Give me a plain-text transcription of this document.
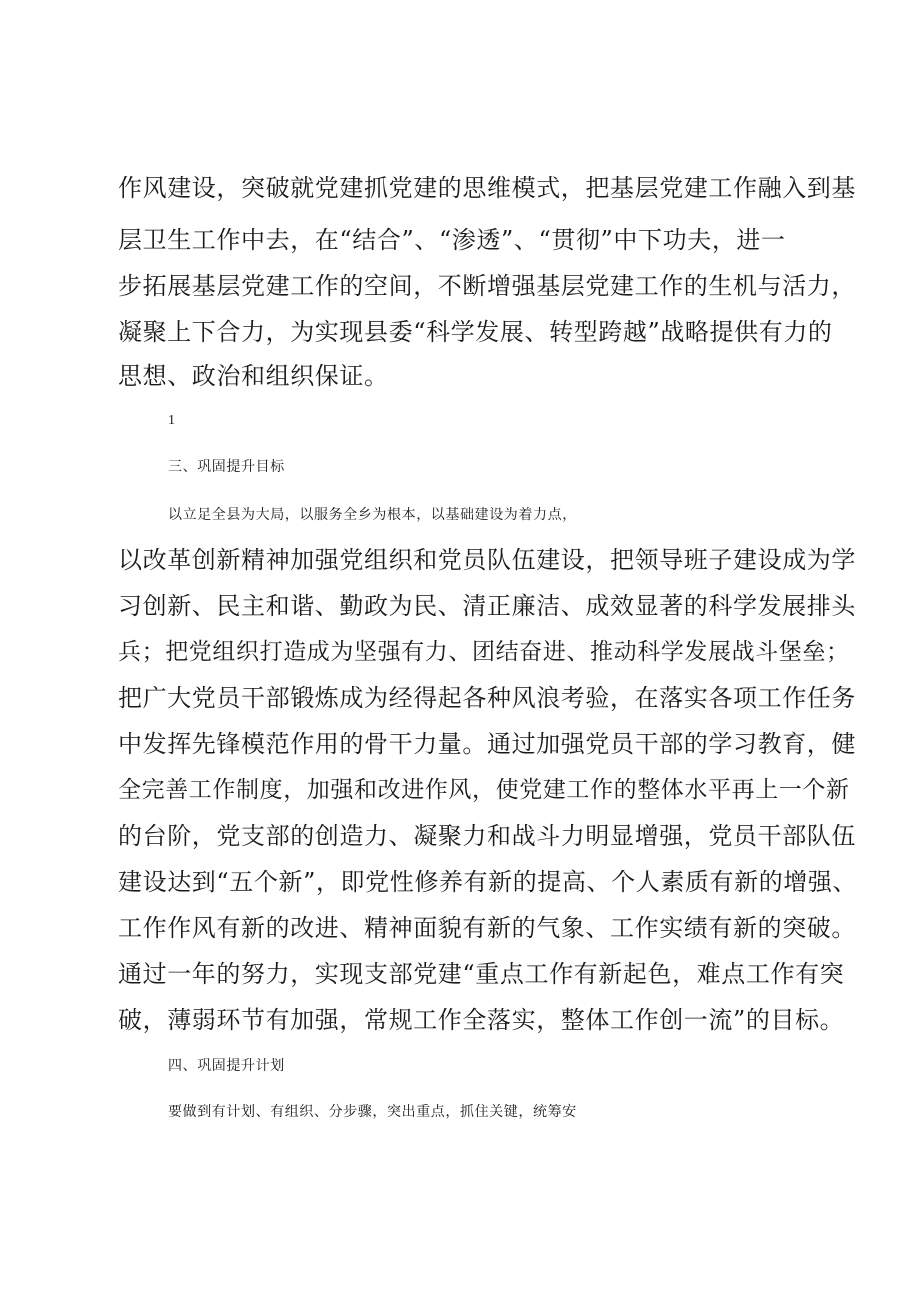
作风建设，突破就党建抓党建的思维模式，把基层党建工作融入到基
层卫生工作中去，在“结合”、“渗透”、“贯彻”中下功夫，进一
步拓展基层党建工作的空间，不断增强基层党建工作的生机与活力，
凝聚上下合力，为实现县委“科学发展、转型跨越”战略提供有力的
思想、政治和组织保证。
1
三、巩固提升目标
以立足全县为大局，以服务全乡为根本，以基础建设为着力点，
以改革创新精神加强党组织和党员队伍建设，把领导班子建设成为学
习创新、民主和谐、勤政为民、清正廉洁、成效显著的科学发展排头
兵；把党组织打造成为坚强有力、团结奋进、推动科学发展战斗堡垒；
把广大党员干部锻炼成为经得起各种风浪考验，在落实各项工作任务
中发挥先锋模范作用的骨干力量。通过加强党员干部的学习教育，健
全完善工作制度，加强和改进作风，使党建工作的整体水平再上一个新
的台阶，党支部的创造力、凝聚力和战斗力明显增强，党员干部队伍
建设达到“五个新”，即党性修养有新的提高、个人素质有新的增强、
工作作风有新的改进、精神面貌有新的气象、工作实绩有新的突破。
通过一年的努力，实现支部党建“重点工作有新起色，难点工作有突
破，薄弱环节有加强，常规工作全落实，整体工作创一流”的目标。
四、巩固提升计划
要做到有计划、有组织、分步骤，突出重点，抓住关键，统筹安
